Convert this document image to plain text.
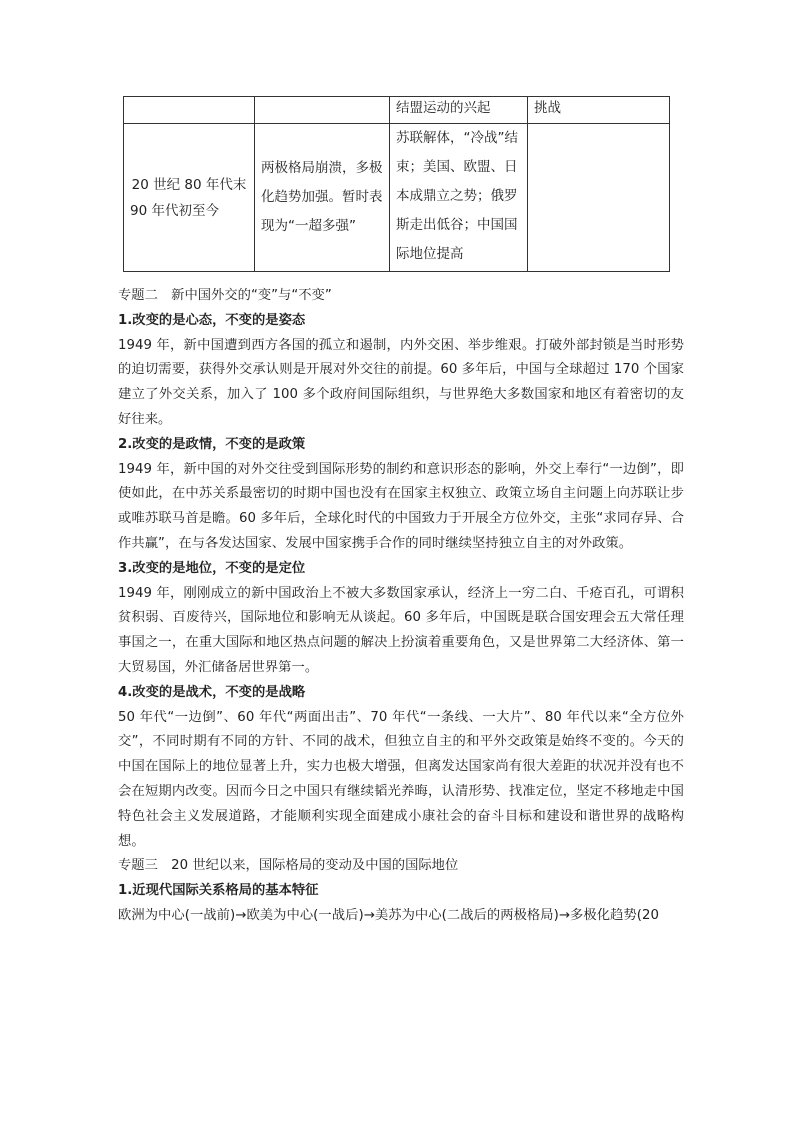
		结盟运动的兴起	挑战

20 世纪 80 年代末
90 年代初至今	两极格局崩溃，多极化趋势加强。暂时表现为“一超多强”	苏联解体，“冷战”结束；美国、欧盟、日本成鼎立之势；俄罗斯走出低谷；中国国际地位提高	

专题二　新中国外交的“变”与“不变”

1.改变的是心态，不变的是姿态

1949 年，新中国遭到西方各国的孤立和遏制，内外交困、举步维艰。打破外部封锁是当时形势的迫切需要，获得外交承认则是开展对外交往的前提。60 多年后，中国与全球超过 170 个国家建立了外交关系，加入了 100 多个政府间国际组织，与世界绝大多数国家和地区有着密切的友好往来。

2.改变的是政情，不变的是政策

1949 年，新中国的对外交往受到国际形势的制约和意识形态的影响，外交上奉行“一边倒”，即使如此，在中苏关系最密切的时期中国也没有在国家主权独立、政策立场自主问题上向苏联让步或唯苏联马首是瞻。60 多年后，全球化时代的中国致力于开展全方位外交，主张“求同存异、合作共赢”，在与各发达国家、发展中国家携手合作的同时继续坚持独立自主的对外政策。

3.改变的是地位，不变的是定位

1949 年，刚刚成立的新中国政治上不被大多数国家承认，经济上一穷二白、千疮百孔，可谓积贫积弱、百废待兴，国际地位和影响无从谈起。60 多年后，中国既是联合国安理会五大常任理事国之一，在重大国际和地区热点问题的解决上扮演着重要角色，又是世界第二大经济体、第一大贸易国，外汇储备居世界第一。

4.改变的是战术，不变的是战略

50 年代“一边倒”、60 年代“两面出击”、70 年代“一条线、一大片”、80 年代以来“全方位外交”，不同时期有不同的方针、不同的战术，但独立自主的和平外交政策是始终不变的。今天的中国在国际上的地位显著上升，实力也极大增强，但离发达国家尚有很大差距的状况并没有也不会在短期内改变。因而今日之中国只有继续韬光养晦，认清形势、找准定位，坚定不移地走中国特色社会主义发展道路，才能顺利实现全面建成小康社会的奋斗目标和建设和谐世界的战略构想。

专题三　20 世纪以来，国际格局的变动及中国的国际地位

1.近现代国际关系格局的基本特征

欧洲为中心(一战前)→欧美为中心(一战后)→美苏为中心(二战后的两极格局)→多极化趋势(20
